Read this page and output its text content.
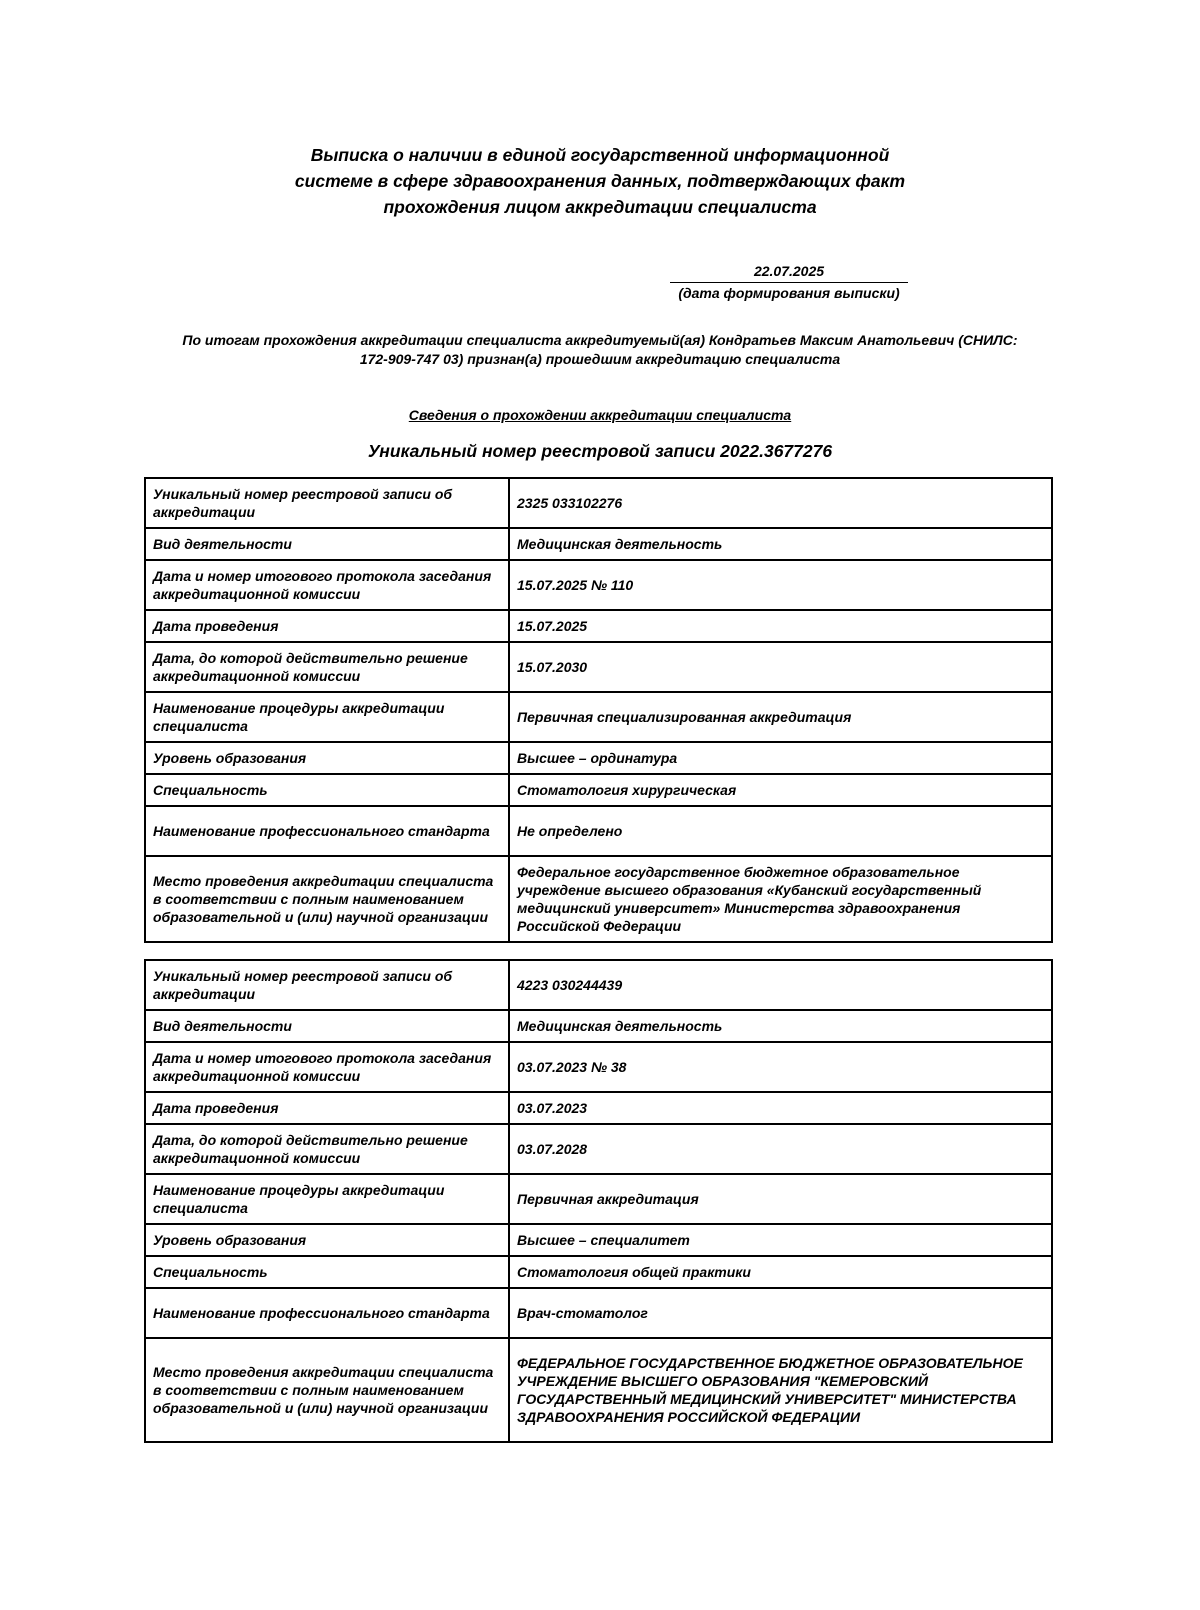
Выписка о наличии в единой государственной информационной
системе в сфере здравоохранения данных, подтверждающих факт
прохождения лицом аккредитации специалиста
22.07.2025
(дата формирования выписки)
По итогам прохождения аккредитации специалиста аккредитуемый(ая) Кондратьев Максим Анатольевич (СНИЛС:
172-909-747 03) признан(а) прошедшим аккредитацию специалиста
Сведения о прохождении аккредитации специалиста
Уникальный номер реестровой записи 2022.3677276
Уникальный номер реестровой записи об аккредитации	2325 033102276
Вид деятельности	Медицинская деятельность
Дата и номер итогового протокола заседания аккредитационной комиссии	15.07.2025 № 110
Дата проведения	15.07.2025
Дата, до которой действительно решение аккредитационной комиссии	15.07.2030
Наименование процедуры аккредитации специалиста	Первичная специализированная аккредитация
Уровень образования	Высшее – ординатура
Специальность	Стоматология хирургическая
Наименование профессионального стандарта	Не определено
Место проведения аккредитации специалиста в соответствии с полным наименованием образовательной и (или) научной организации	Федеральное государственное бюджетное образовательное учреждение высшего образования «Кубанский государственный медицинский университет» Министерства здравоохранения Российской Федерации
Уникальный номер реестровой записи об аккредитации	4223 030244439
Вид деятельности	Медицинская деятельность
Дата и номер итогового протокола заседания аккредитационной комиссии	03.07.2023 № 38
Дата проведения	03.07.2023
Дата, до которой действительно решение аккредитационной комиссии	03.07.2028
Наименование процедуры аккредитации специалиста	Первичная аккредитация
Уровень образования	Высшее – специалитет
Специальность	Стоматология общей практики
Наименование профессионального стандарта	Врач-стоматолог
Место проведения аккредитации специалиста в соответствии с полным наименованием образовательной и (или) научной организации	ФЕДЕРАЛЬНОЕ ГОСУДАРСТВЕННОЕ БЮДЖЕТНОЕ ОБРАЗОВАТЕЛЬНОЕ УЧРЕЖДЕНИЕ ВЫСШЕГО ОБРАЗОВАНИЯ "КЕМЕРОВСКИЙ ГОСУДАРСТВЕННЫЙ МЕДИЦИНСКИЙ УНИВЕРСИТЕТ" МИНИСТЕРСТВА ЗДРАВООХРАНЕНИЯ РОССИЙСКОЙ ФЕДЕРАЦИИ
